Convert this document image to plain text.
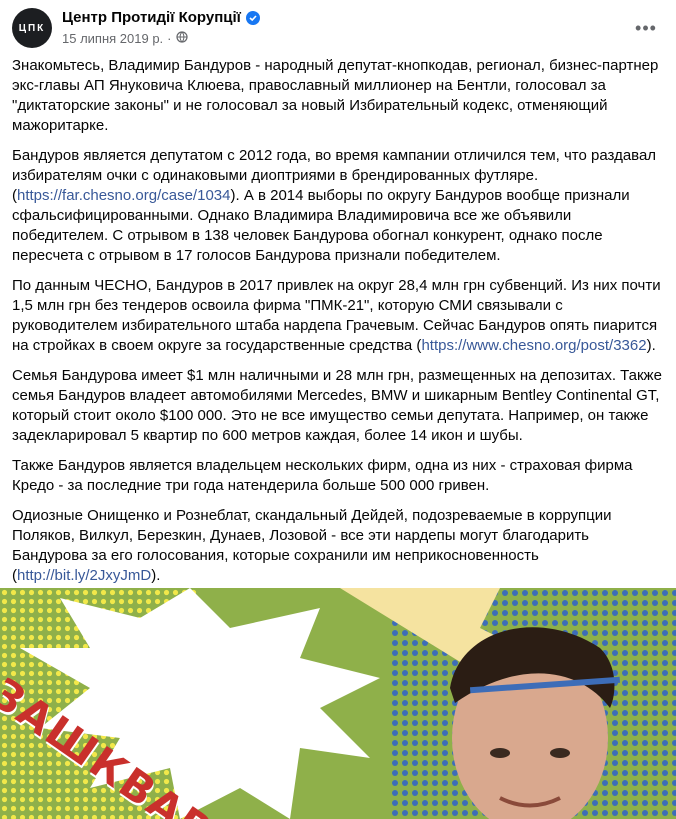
ЦПК
Центр Протидії Корупції
15 липня 2019 р. ·
•••

Знакомьтесь, Владимир Бандуров - народный депутат-кнопкодав, регионал, бизнес-партнер экс-главы АП Януковича Клюева, православный миллионер на Бентли, голосовал за "диктаторские законы" и не голосовал за новый Избирательный кодекс, отменяющий мажоритарке.

Бандуров является депутатом с 2012 года, во время кампании отличился тем, что раздавал избирателям очки с одинаковыми диоптриями в брендированных футляре. (https://far.chesno.org/case/1034). А в 2014 выборы по округу Бандуров вообще признали сфальсифицированными. Однако Владимира Владимировича все же объявили победителем. С отрывом в 138 человек Бандурова обогнал конкурент, однако после пересчета с отрывом в 17 голосов Бандурова признали победителем.

По данным ЧЕСНО, Бандуров в 2017 привлек на округ 28,4 млн грн субвенций. Из них почти 1,5 млн грн без тендеров освоила фирма "ПМК-21", которую СМИ связывали с руководителем избирательного штаба нардепа Грачевым. Сейчас Бандуров опять пиарится на стройках в своем округе за государственные средства (https://www.chesno.org/post/3362).

Семья Бандурова имеет $1 млн наличными и 28 млн грн, размещенных на депозитах. Также семья Бандуров владеет автомобилями Mercedes, BMW и шикарным Bentley Continental GT, который стоит около $100 000. Это не все имущество семьи депутата. Например, он также задекларировал 5 квартир по 600 метров каждая, более 14 икон и шубы.

Также Бандуров является владельцем нескольких фирм, одна из них - страховая фирма Кредо - за последние три года натендерила больше 500 000 гривен.

Одиозные Онищенко и Рознеблат, скандальный Дейдей, подозреваемые в коррупции Поляков, Вилкул, Березкин, Дунаев, Лозовой - все эти нардепы могут благодарить Бандурова за его голосования, которые сохранили им неприкосновенность (http://bit.ly/2JxyJmD).
